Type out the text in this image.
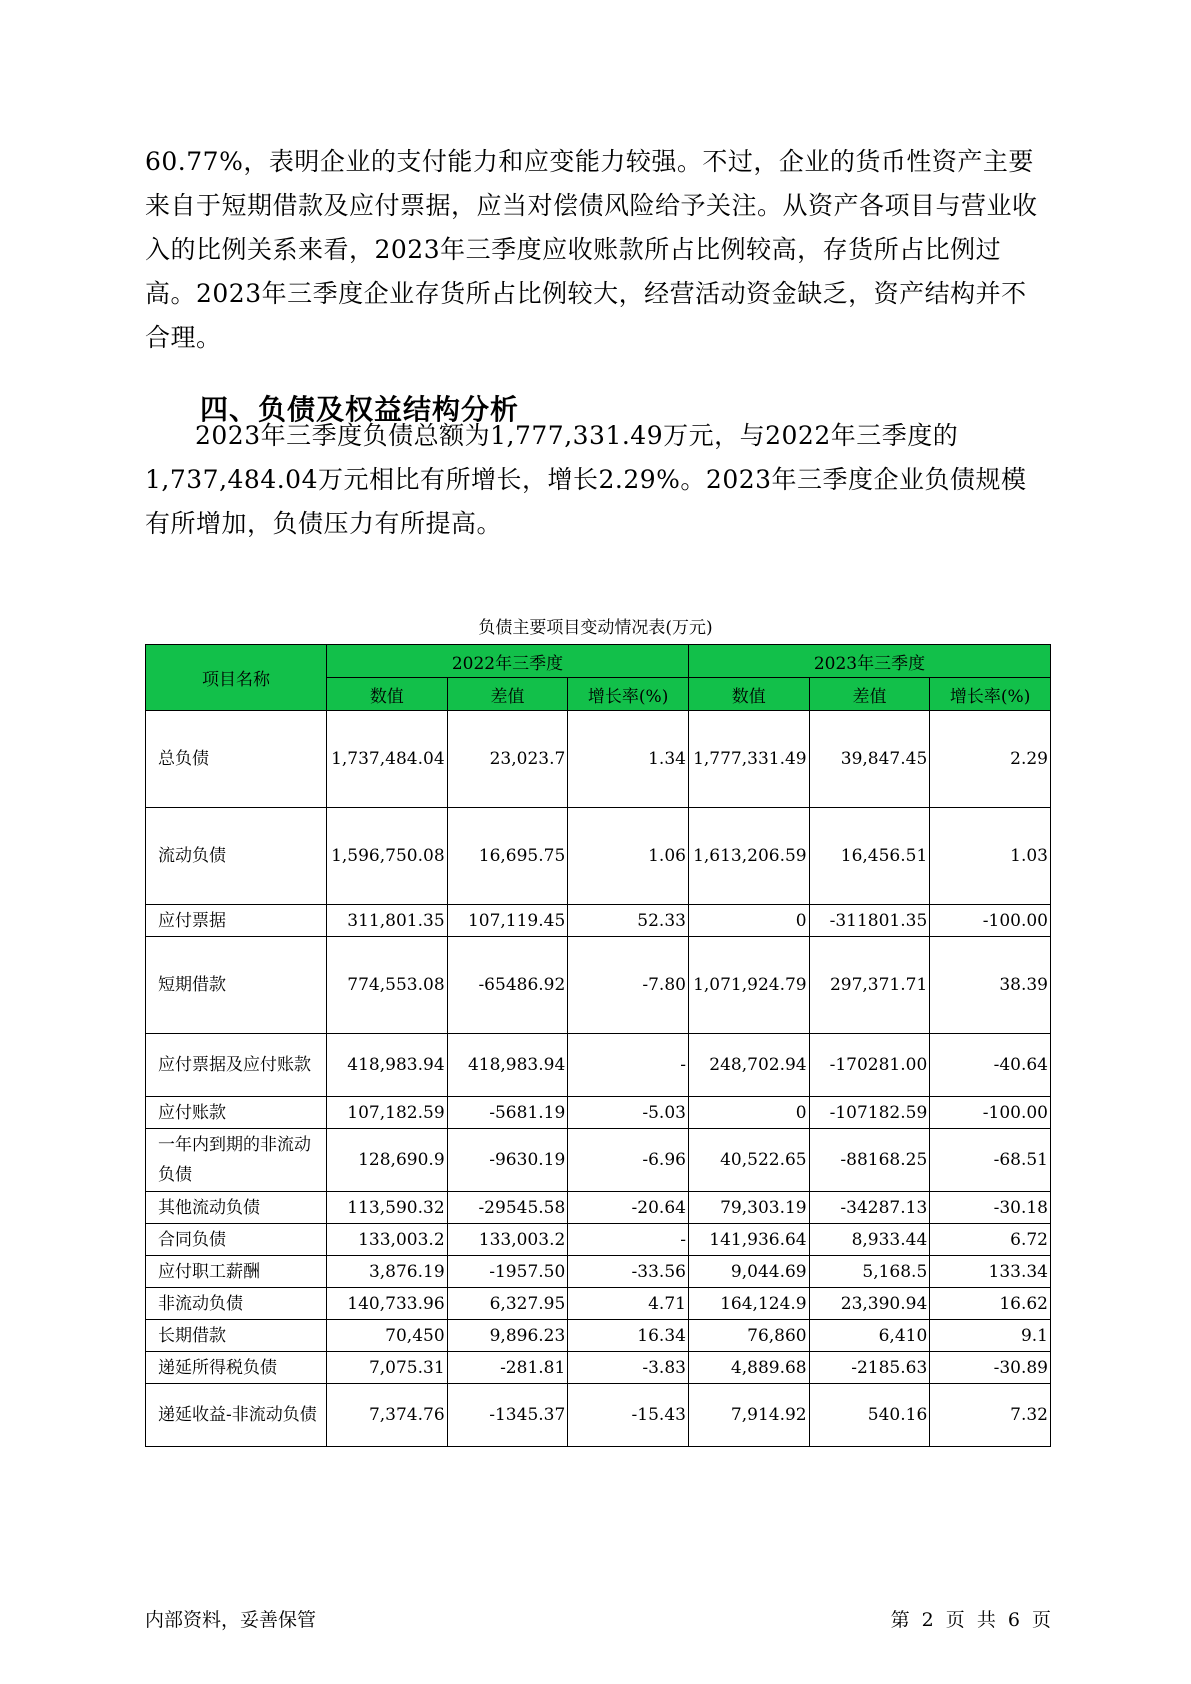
60.77%，表明企业的支付能力和应变能力较强。不过，企业的货币性资产主要来自于短期借款及应付票据，应当对偿债风险给予关注。从资产各项目与营业收入的比例关系来看，2023年三季度应收账款所占比例较高，存货所占比例过高。2023年三季度企业存货所占比例较大，经营活动资金缺乏，资产结构并不合理。

四、负债及权益结构分析

2023年三季度负债总额为1,777,331.49万元，与2022年三季度的1,737,484.04万元相比有所增长，增长2.29%。2023年三季度企业负债规模有所增加，负债压力有所提高。

负债主要项目变动情况表(万元)
项目名称	2022年三季度			2023年三季度		
	数值	差值	增长率(%)	数值	差值	增长率(%)
总负债	1,737,484.04	23,023.7	1.34	1,777,331.49	39,847.45	2.29
流动负债	1,596,750.08	16,695.75	1.06	1,613,206.59	16,456.51	1.03
应付票据	311,801.35	107,119.45	52.33	0	-311801.35	-100.00
短期借款	774,553.08	-65486.92	-7.80	1,071,924.79	297,371.71	38.39
应付票据及应付账款	418,983.94	418,983.94	-	248,702.94	-170281.00	-40.64
应付账款	107,182.59	-5681.19	-5.03	0	-107182.59	-100.00
一年内到期的非流动负债	128,690.9	-9630.19	-6.96	40,522.65	-88168.25	-68.51
其他流动负债	113,590.32	-29545.58	-20.64	79,303.19	-34287.13	-30.18
合同负债	133,003.2	133,003.2	-	141,936.64	8,933.44	6.72
应付职工薪酬	3,876.19	-1957.50	-33.56	9,044.69	5,168.5	133.34
非流动负债	140,733.96	6,327.95	4.71	164,124.9	23,390.94	16.62
长期借款	70,450	9,896.23	16.34	76,860	6,410	9.1
递延所得税负债	7,075.31	-281.81	-3.83	4,889.68	-2185.63	-30.89
递延收益-非流动负债	7,374.76	-1345.37	-15.43	7,914.92	540.16	7.32
内部资料，妥善保管	第 2 页 共 6 页
